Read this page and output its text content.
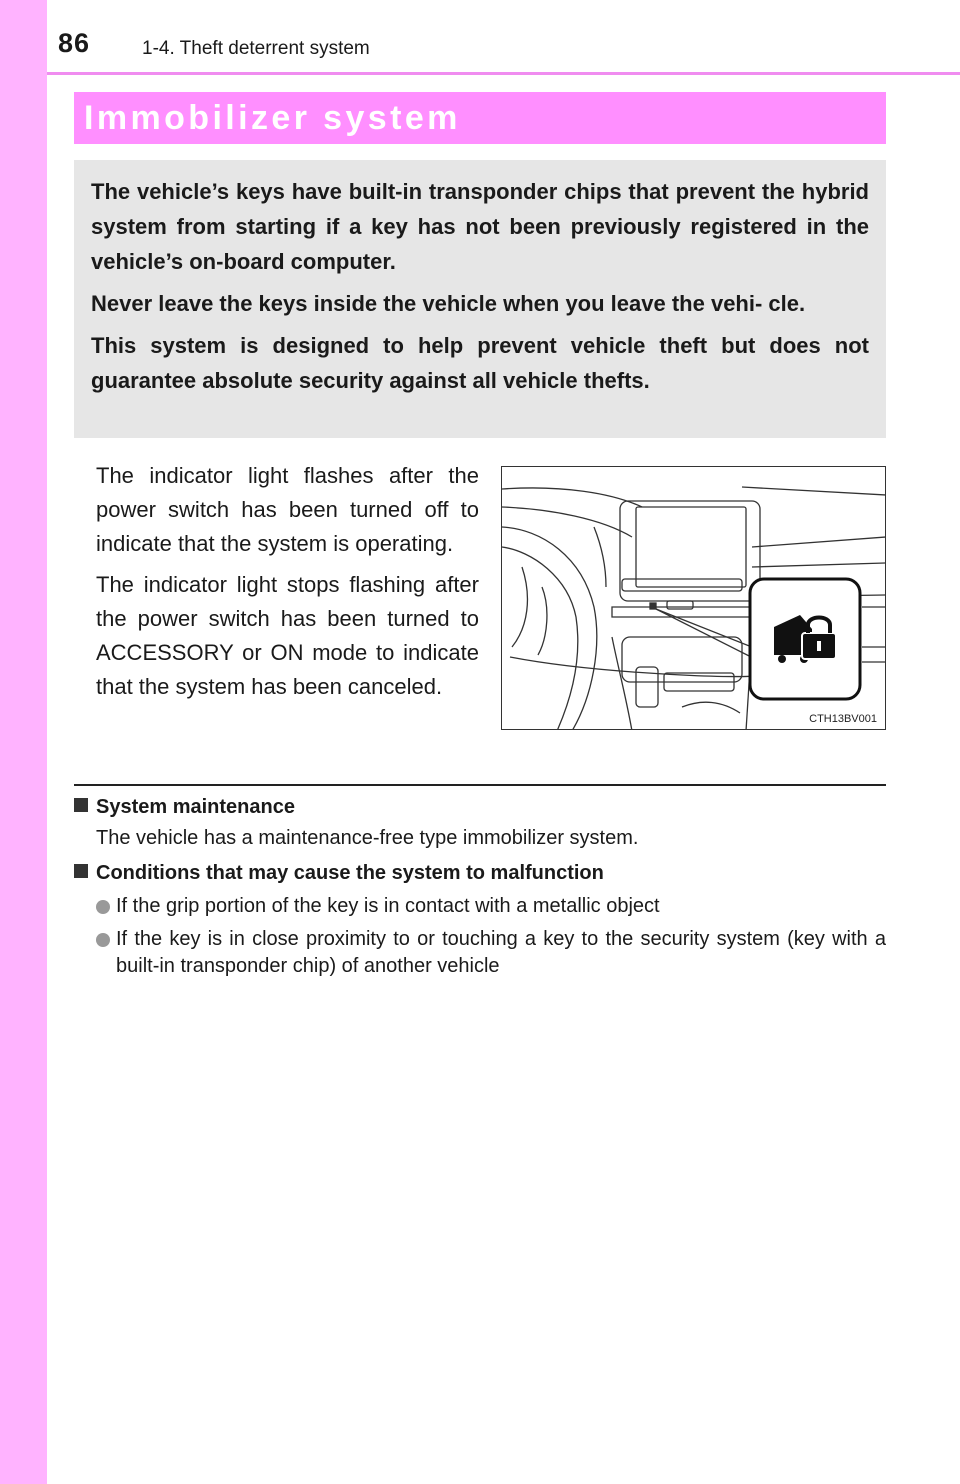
86	1-4. Theft deterrent system
Immobilizer system

The vehicle’s keys have built-in transponder chips that prevent the hybrid system from starting if a key has not been previously registered in the vehicle’s on-board computer.

Never leave the keys inside the vehicle when you leave the vehi- cle.

This system is designed to help prevent vehicle theft but does not guarantee absolute security against all vehicle thefts.

The indicator light flashes after the power switch has been turned off to indicate that the system is operating.

The indicator light stops flashing after the power switch has been turned to ACCESSORY or ON mode to indicate that the system has been canceled.

CTH13BV001
System maintenance
The vehicle has a maintenance-free type immobilizer system.
Conditions that may cause the system to malfunction
If the grip portion of the key is in contact with a metallic object
If the key is in close proximity to or touching a key to the security system (key with a built-in transponder chip) of another vehicle
